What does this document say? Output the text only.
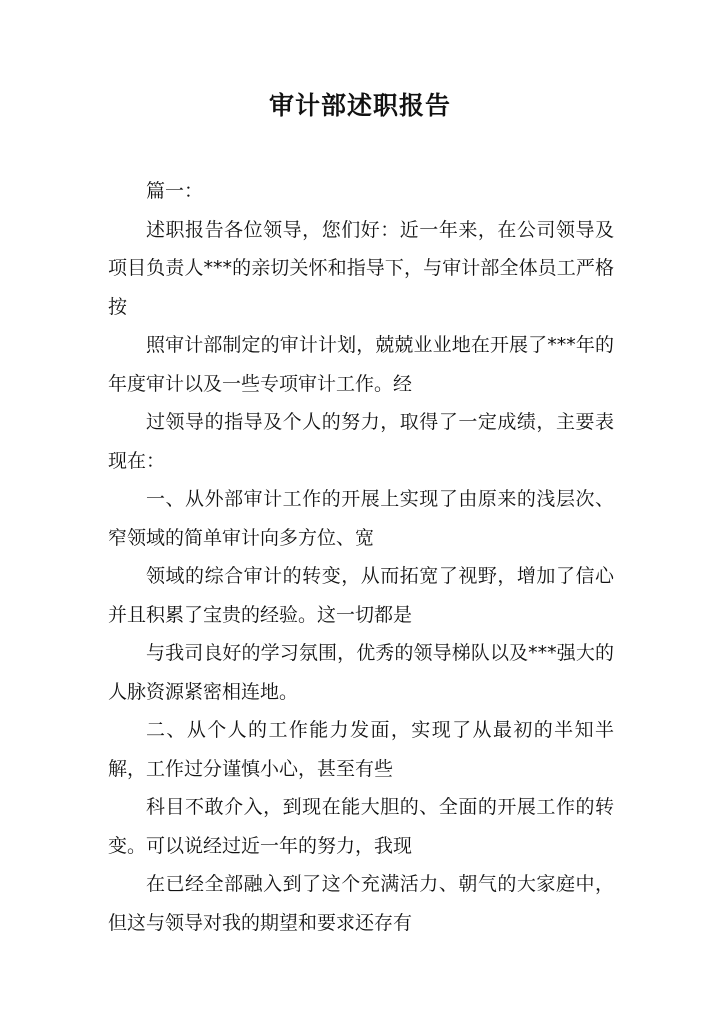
审计部述职报告

篇一：

述职报告各位领导，您们好：近一年来，在公司领导及项目负责人***的亲切关怀和指导下，与审计部全体员工严格按

照审计部制定的审计计划，兢兢业业地在开展了***年的年度审计以及一些专项审计工作。经

过领导的指导及个人的努力，取得了一定成绩，主要表现在：

一、从外部审计工作的开展上实现了由原来的浅层次、窄领域的简单审计向多方位、宽

领域的综合审计的转变，从而拓宽了视野，增加了信心并且积累了宝贵的经验。这一切都是

与我司良好的学习氛围，优秀的领导梯队以及***强大的人脉资源紧密相连地。

二、从个人的工作能力发面，实现了从最初的半知半解，工作过分谨慎小心，甚至有些

科目不敢介入，到现在能大胆的、全面的开展工作的转变。可以说经过近一年的努力，我现

在已经全部融入到了这个充满活力、朝气的大家庭中，但这与领导对我的期望和要求还存有
